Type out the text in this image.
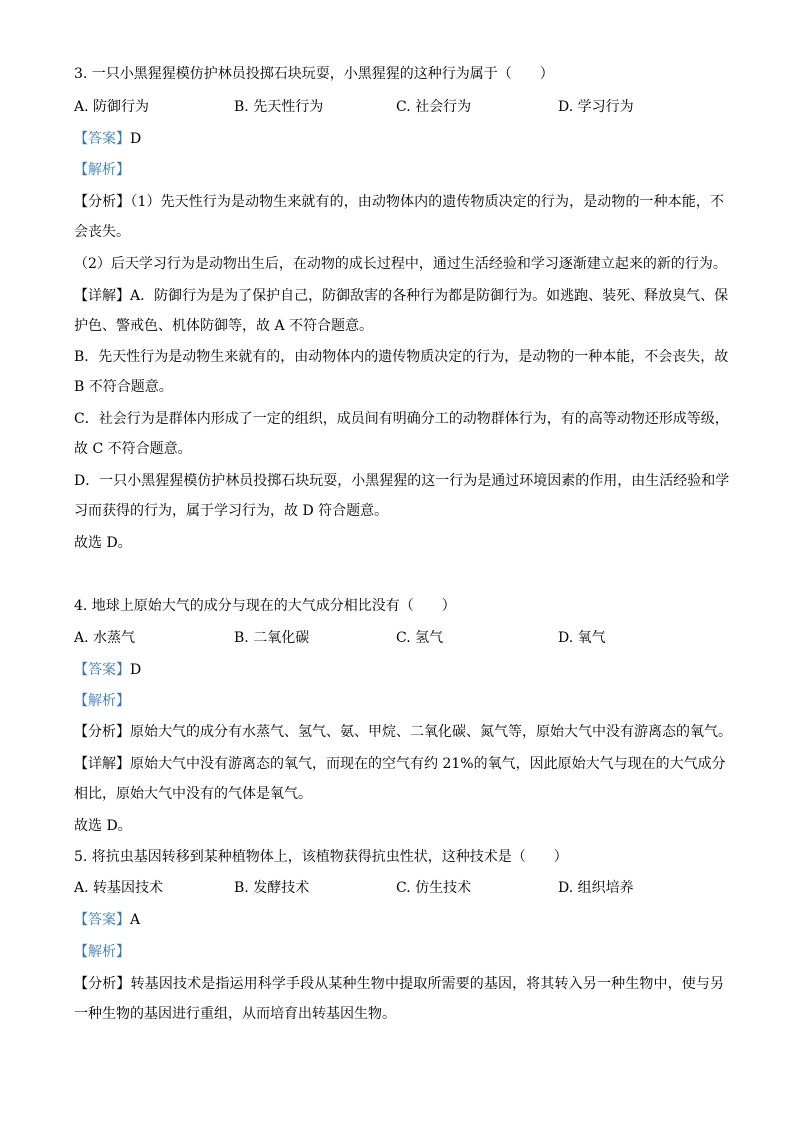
3. 一只小黑猩猩模仿护林员投掷石块玩耍，小黑猩猩的这种行为属于（　　）
A. 防御行为	B. 先天性行为	C. 社会行为	D. 学习行为
【答案】D
【解析】
【分析】（1）先天性行为是动物生来就有的，由动物体内的遗传物质决定的行为，是动物的一种本能，不
会丧失。
（2）后天学习行为是动物出生后，在动物的成长过程中，通过生活经验和学习逐渐建立起来的新的行为。
【详解】A．防御行为是为了保护自己，防御敌害的各种行为都是防御行为。如逃跑、装死、释放臭气、保
护色、警戒色、机体防御等，故 A 不符合题意。
B．先天性行为是动物生来就有的，由动物体内的遗传物质决定的行为，是动物的一种本能，不会丧失，故
B 不符合题意。
C．社会行为是群体内形成了一定的组织，成员间有明确分工的动物群体行为，有的高等动物还形成等级，
故 C 不符合题意。
D．一只小黑猩猩模仿护林员投掷石块玩耍，小黑猩猩的这一行为是通过环境因素的作用，由生活经验和学
习而获得的行为，属于学习行为，故 D 符合题意。
故选 D。
4. 地球上原始大气的成分与现在的大气成分相比没有（　　）
A. 水蒸气	B. 二氧化碳	C. 氢气	D. 氧气
【答案】D
【解析】
【分析】原始大气的成分有水蒸气、氢气、氨、甲烷、二氧化碳、氮气等，原始大气中没有游离态的氧气。
【详解】原始大气中没有游离态的氧气，而现在的空气有约 21%的氧气，因此原始大气与现在的大气成分
相比，原始大气中没有的气体是氧气。
故选 D。
5. 将抗虫基因转移到某种植物体上，该植物获得抗虫性状，这种技术是（　　）
A. 转基因技术	B. 发酵技术	C. 仿生技术	D. 组织培养
【答案】A
【解析】
【分析】转基因技术是指运用科学手段从某种生物中提取所需要的基因，将其转入另一种生物中，使与另
一种生物的基因进行重组，从而培育出转基因生物。
